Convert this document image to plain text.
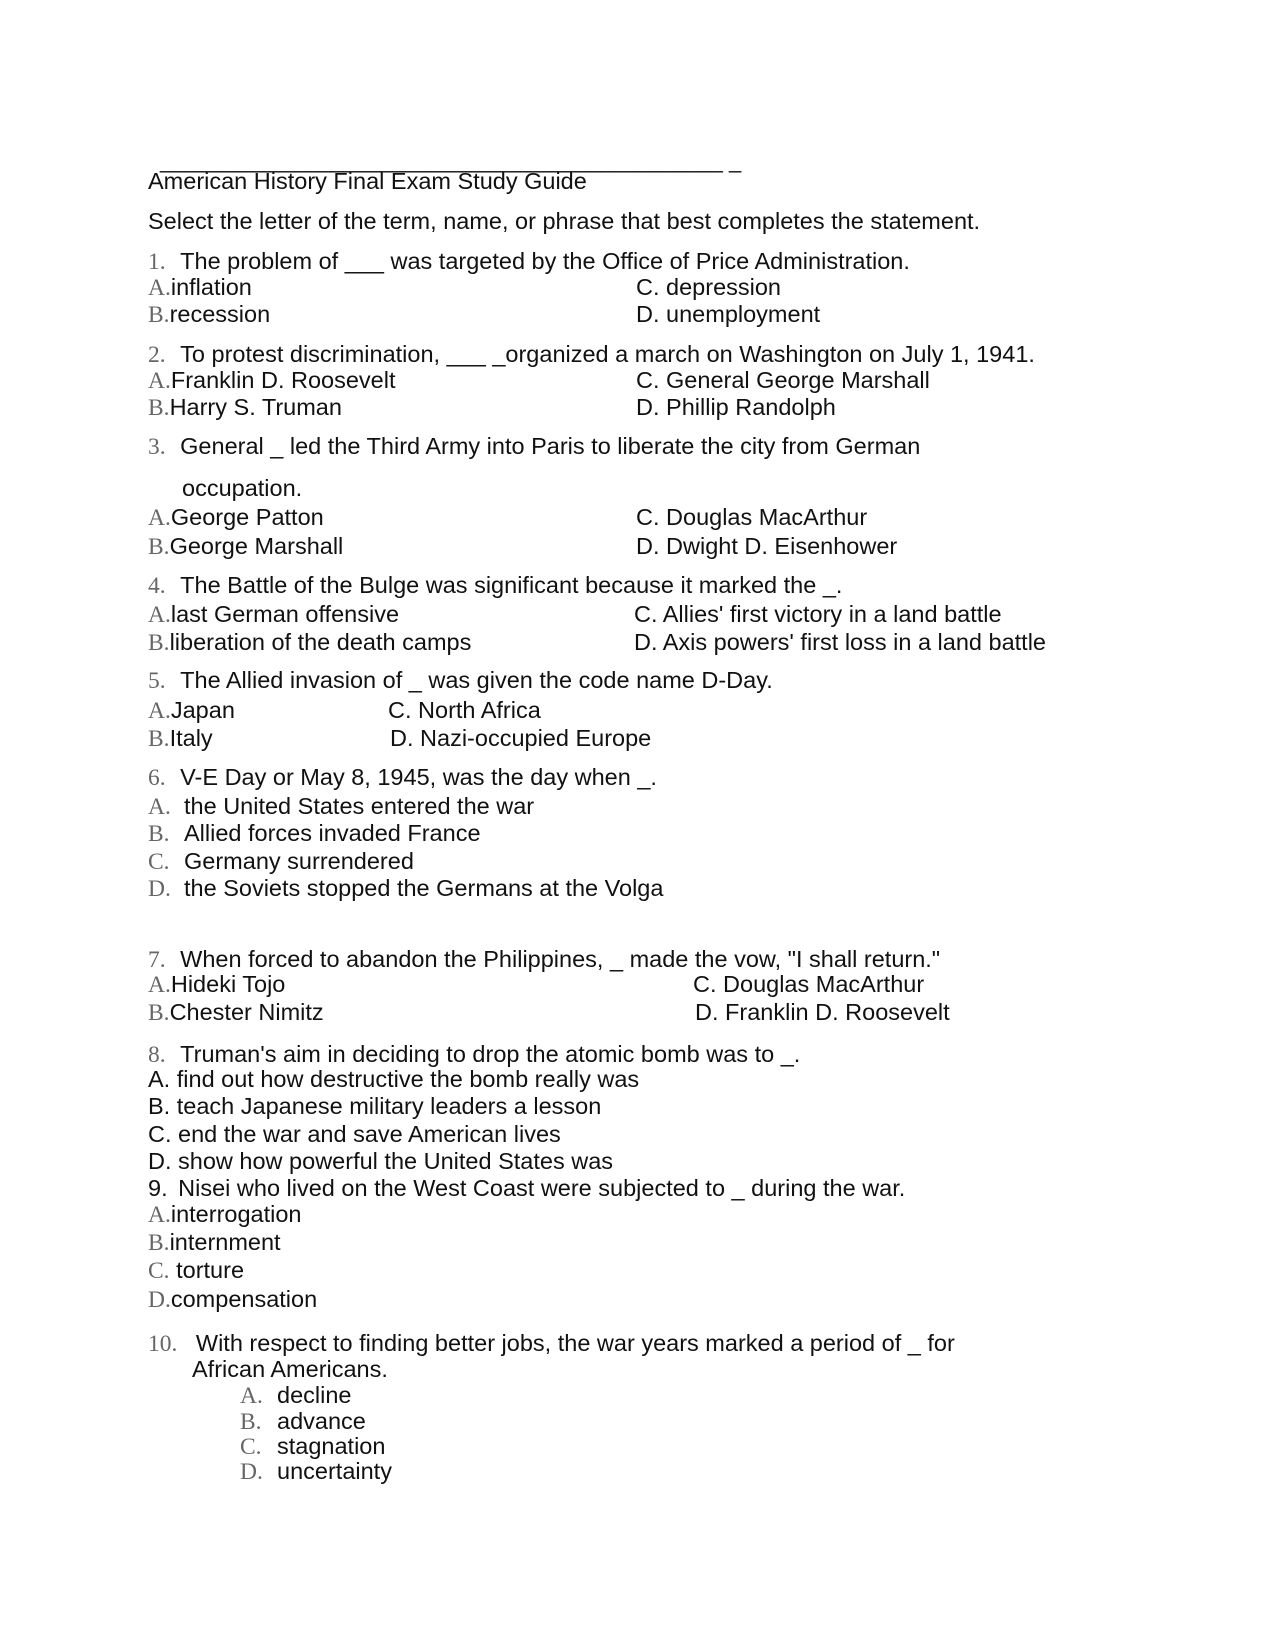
______________________________________________ _
American History Final Exam Study Guide
Select the letter of the term, name, or phrase that best completes the statement.
1. The problem of ___ was targeted by the Office of Price Administration.
A.inflation
B.recession
C. depression
D. unemployment
2. To protest discrimination, ___ _organized a march on Washington on July 1, 1941.
A.Franklin D. Roosevelt
B.Harry S. Truman
C. General George Marshall
D. Phillip Randolph
3. General _ led the Third Army into Paris to liberate the city from German
occupation.
A.George Patton
B.George Marshall
C. Douglas MacArthur
D. Dwight D. Eisenhower
4. The Battle of the Bulge was significant because it marked the _.
A.last German offensive
B.liberation of the death camps
C. Allies' first victory in a land battle
D. Axis powers' first loss in a land battle
5. The Allied invasion of _ was given the code name D-Day.
A.Japan
B.Italy
C. North Africa
D. Nazi-occupied Europe
6. V-E Day or May 8, 1945, was the day when _.
A. the United States entered the war
B. Allied forces invaded France
C. Germany surrendered
D. the Soviets stopped the Germans at the Volga
7. When forced to abandon the Philippines, _ made the vow, "I shall return."
A.Hideki Tojo
B.Chester Nimitz
C. Douglas MacArthur
D. Franklin D. Roosevelt
8. Truman's aim in deciding to drop the atomic bomb was to _.
A. find out how destructive the bomb really was
B. teach Japanese military leaders a lesson
C. end the war and save American lives
D. show how powerful the United States was
9. Nisei who lived on the West Coast were subjected to _ during the war.
A.interrogation
B.internment
C. torture
D.compensation
10. With respect to finding better jobs, the war years marked a period of _ for
African Americans.
A. decline
B. advance
C. stagnation
D. uncertainty
